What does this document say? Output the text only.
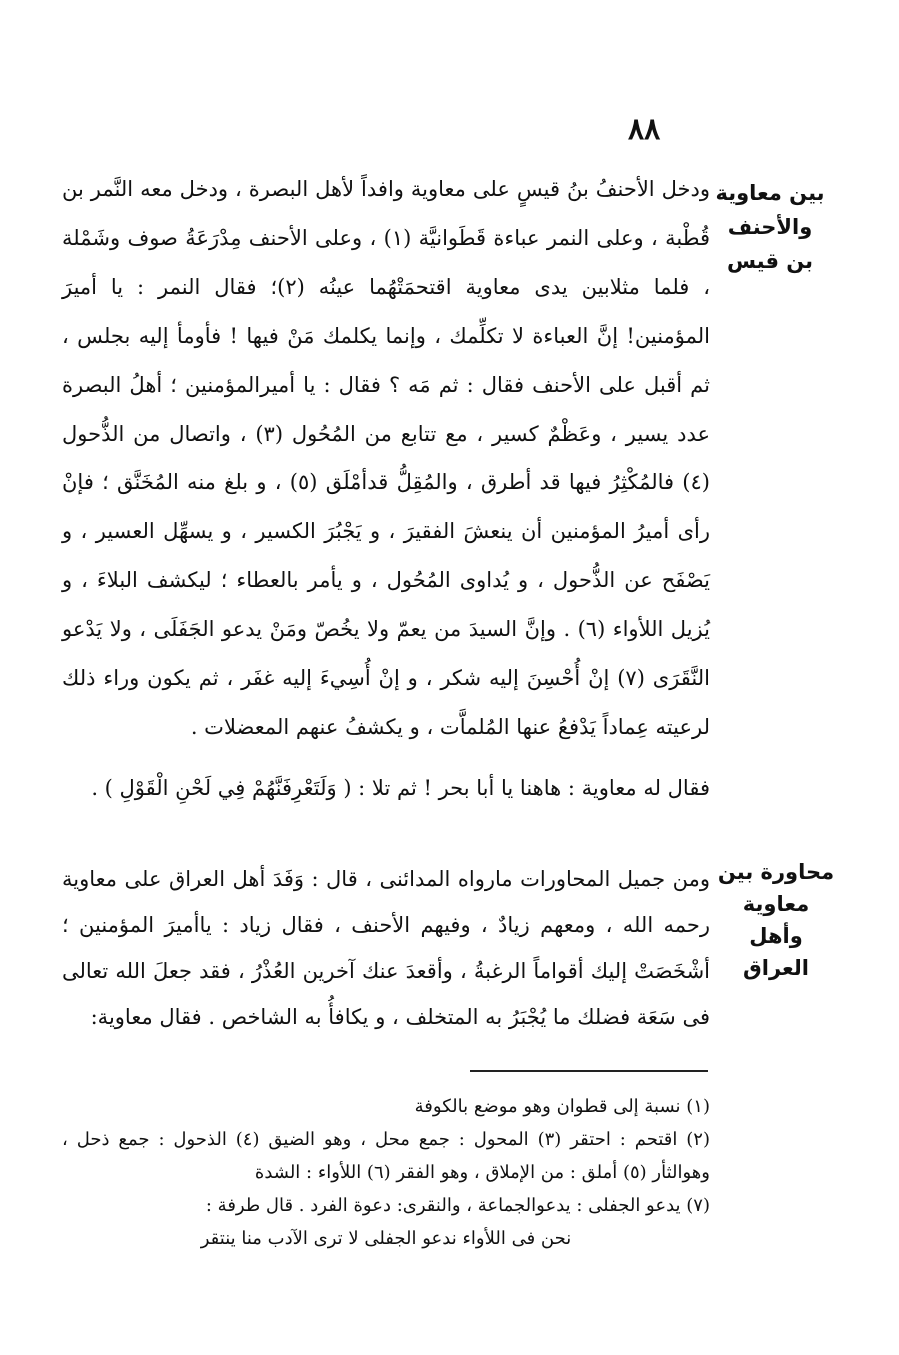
٨٨
بين معاوية والأحنف بن قيس
ودخل الأحنفُ بنُ قيسٍ على معاوية وافداً لأهل البصرة ، ودخل معه النَّمر بن قُطْبة ، وعلى النمر عباءة قَطَوانيَّة (١) ، وعلى الأحنف مِدْرَعَةُ صوف وشَمْلة ، فلما مثلابين يدى معاوية اقتحمَتْهُما عينُه (٢)؛ فقال النمر : يا أميرَ المؤمنين! إنَّ العباءة لا تكلِّمك ، وإنما يكلمك مَنْ فيها ! فأومأ إليه بجلس ، ثم أقبل على الأحنف فقال : ثم مَه ؟ فقال : يا أميرالمؤمنين ؛ أهلُ البصرة عدد يسير ، وعَظْمٌ كسير ، مع تتابع من المُحُول (٣) ، واتصال من الذُّحول (٤) فالمُكْثِرُ فيها قد أطرق ، والمُقِلُّ قدأمْلَق (٥) ، و بلغ منه المُخَنَّق ؛ فإنْ رأى أميرُ المؤمنين أن ينعشَ الفقيرَ ، و يَجْبُرَ الكسير ، و يسهِّل العسير ، و يَصْفَح عن الذُّحول ، و يُداوى المُحُول ، و يأمر بالعطاء ؛ ليكشف البلاءَ ، و يُزيل اللأواء (٦) . وإنَّ السيدَ من يعمّ ولا يخُصّ ومَنْ يدعو الجَفَلَى ، ولا يَدْعو النَّقَرَى (٧) إنْ أُحْسِنَ إليه شكر ، و إنْ أُسِيءَ إليه غفَر ، ثم يكون وراء ذلك لرعيته عِماداً يَدْفعُ عنها المُلماَّت ، و يكشفُ عنهم المعضلات .
فقال له معاوية : هاهنا يا أبا بحر ! ثم تلا : ( وَلَتَعْرِفَنَّهُمْ فِي لَحْنِ الْقَوْلِ ) .
محاورة بين معاوية وأهل العراق
ومن جميل المحاورات مارواه المدائنى ، قال : وَفَدَ أهل العراق على معاوية رحمه الله ، ومعهم زيادٌ ، وفيهم الأحنف ، فقال زياد : ياأميرَ المؤمنين ؛ أشْخَصَتْ إليك أقواماً الرغبةُ ، وأقعدَ عنك آخرين العُذْرُ ، فقد جعلَ الله تعالى فى سَعَة فضلك ما يُجْبَرُ به المتخلف ، و يكافأُ به الشاخص . فقال معاوية:
(١) نسبة إلى قطوان وهو موضع بالكوفة
(٢) اقتحم : احتقر (٣) المحول : جمع محل ، وهو الضيق (٤) الذحول : جمع ذحل ، وهوالثأر (٥) أملق : من الإملاق ، وهو الفقر (٦) اللأواء : الشدة
(٧) يدعو الجفلى : يدعوالجماعة ، والنقرى: دعوة الفرد . قال طرفة :
نحن فى اللأواء ندعو الجفلى لا ترى الآدب منا ينتقر
